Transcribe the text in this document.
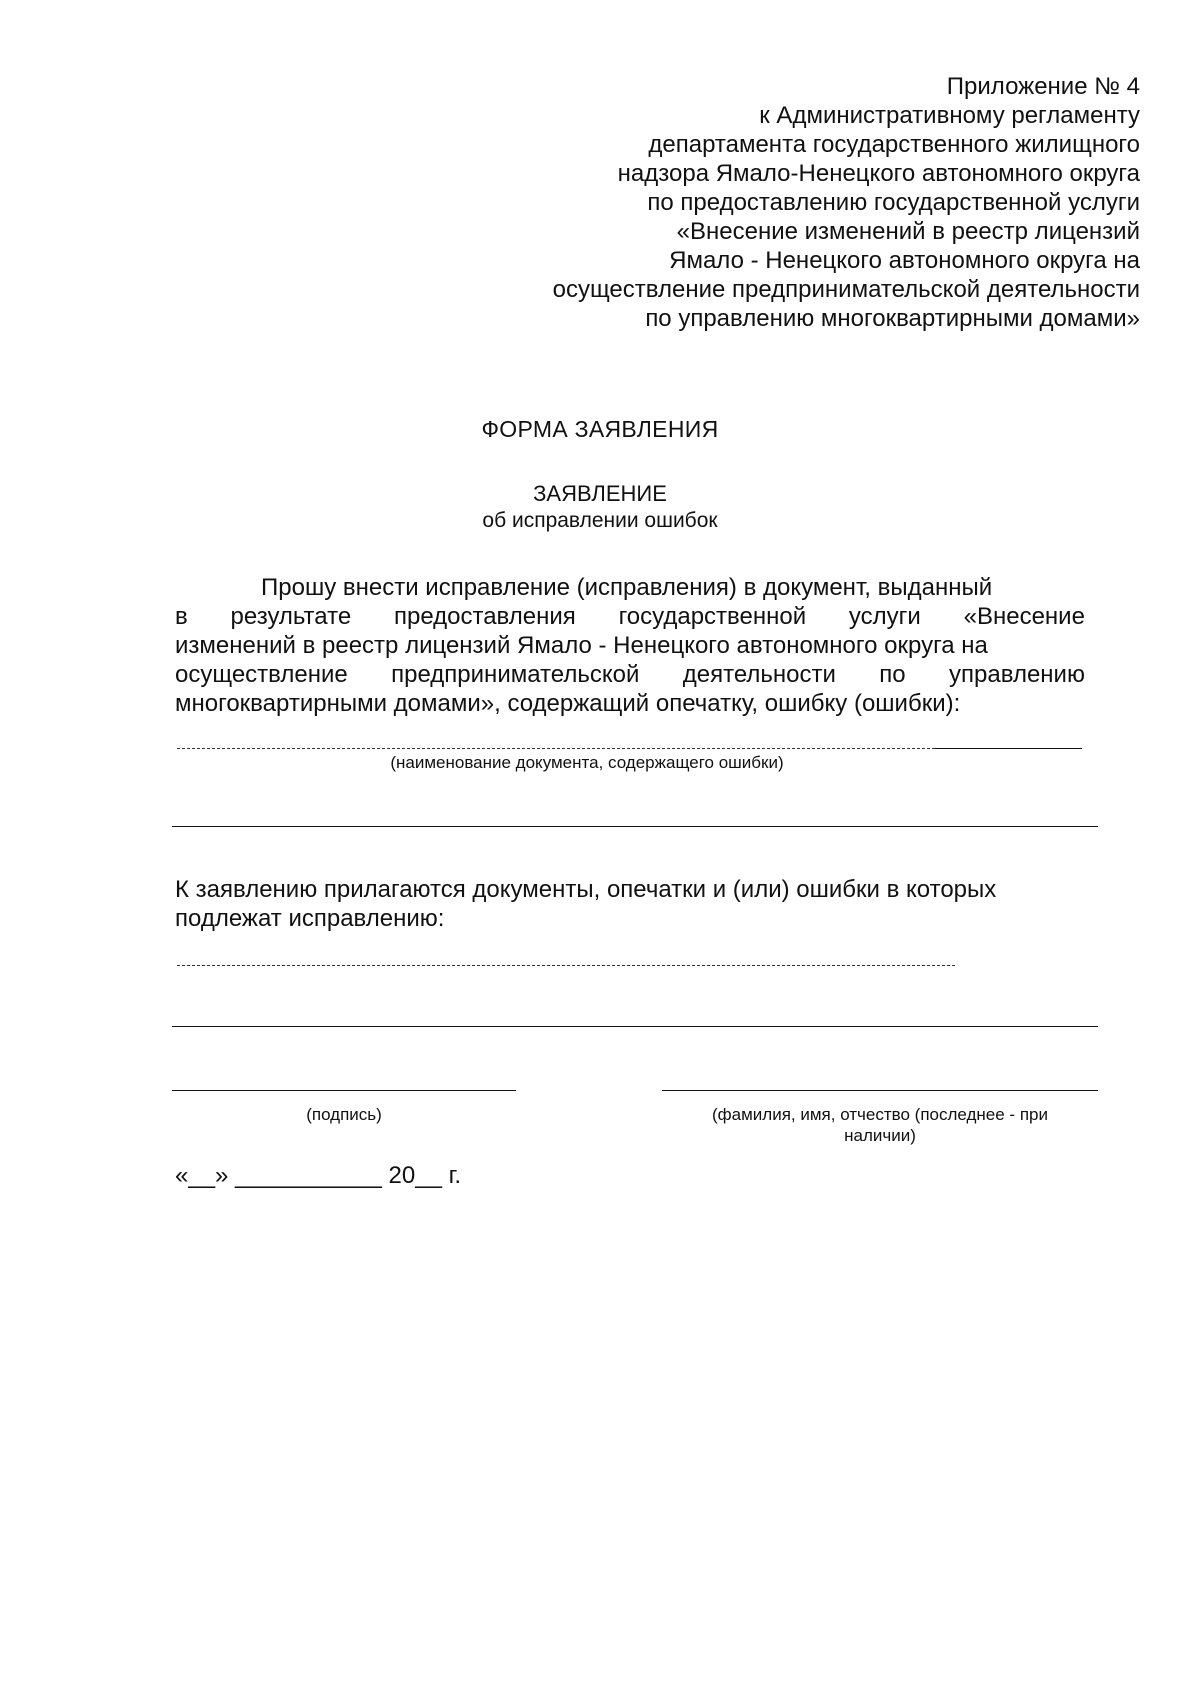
Приложение № 4
к Административному регламенту
департамента государственного жилищного
надзора Ямало-Ненецкого автономного округа
по предоставлению государственной услуги
«Внесение изменений в реестр лицензий
Ямало - Ненецкого автономного округа на
осуществление предпринимательской деятельности
по управлению многоквартирными домами»
ФОРМА ЗАЯВЛЕНИЯ
ЗАЯВЛЕНИЕ
об исправлении ошибок
Прошу внести исправление (исправления) в документ, выданный
в результате предоставления государственной услуги «Внесение
изменений в реестр лицензий Ямало - Ненецкого автономного округа на
осуществление предпринимательской деятельности по управлению
многоквартирными домами», содержащий опечатку, ошибку (ошибки):
(наименование документа, содержащего ошибки)
К заявлению прилагаются документы, опечатки и (или) ошибки в которых
подлежат исправлению:
(подпись)	(фамилия, имя, отчество (последнее - при
наличии)
«__» ___________ 20__ г.
